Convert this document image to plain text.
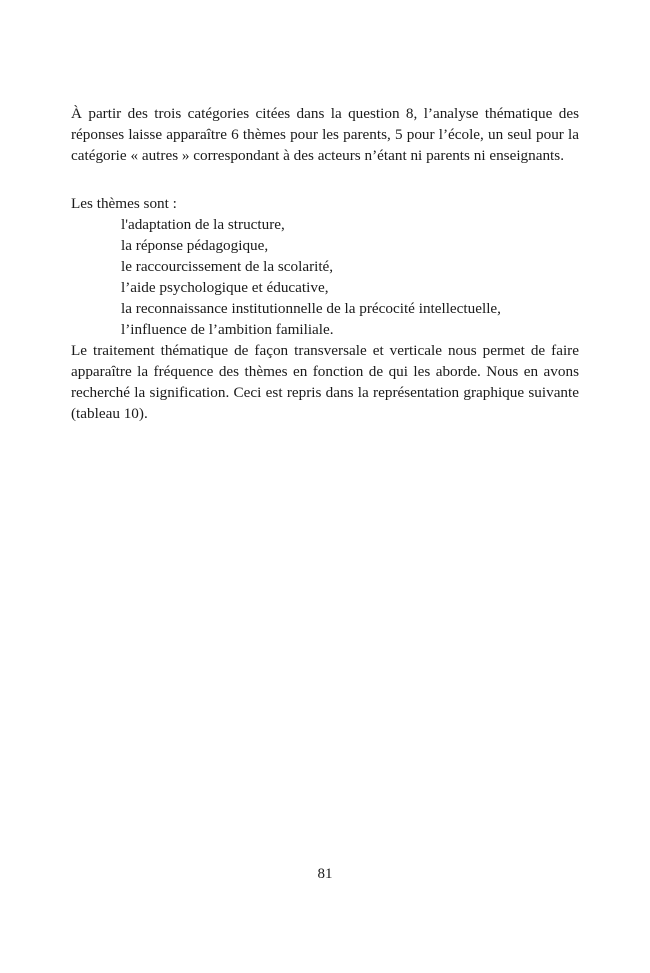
À partir des trois catégories citées dans la question 8, l’analyse thématique des réponses laisse apparaître 6 thèmes pour les parents, 5 pour l’école, un seul pour la catégorie « autres » correspondant à des acteurs n’étant ni parents ni enseignants.

Les thèmes sont :

l'adaptation de la structure,
la réponse pédagogique,
le raccourcissement de la scolarité,
l’aide psychologique et éducative,
la reconnaissance institutionnelle de la précocité intellectuelle,
l’influence de l’ambition familiale.

Le traitement thématique de façon transversale et verticale nous permet de faire apparaître la fréquence des thèmes en fonction de qui les aborde. Nous en avons recherché la signification. Ceci est repris dans la représentation graphique suivante (tableau 10).

81
